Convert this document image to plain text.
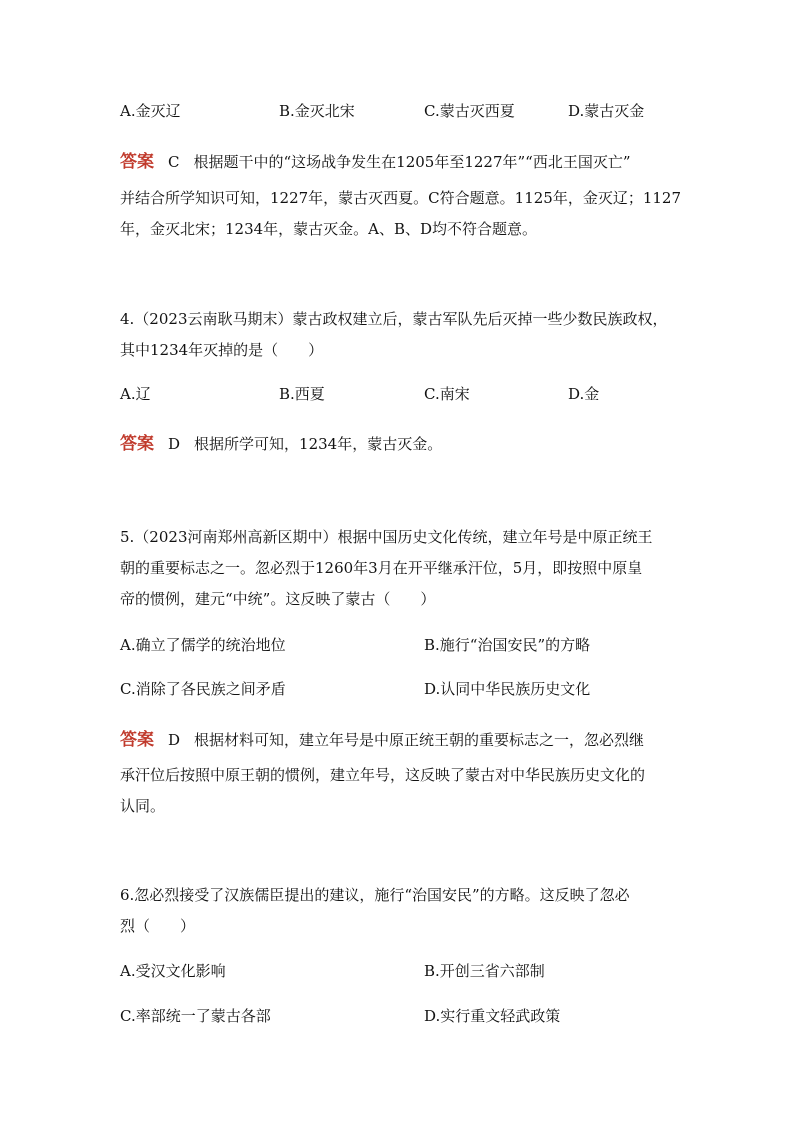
A.金灭辽	B.金灭北宋	C.蒙古灭西夏	D.蒙古灭金
答案 C 根据题干中的“这场战争发生在1205年至1227年”“西北王国灭亡”
并结合所学知识可知，1227年，蒙古灭西夏。C符合题意。1125年，金灭辽；1127
年，金灭北宋；1234年，蒙古灭金。A、B、D均不符合题意。
4.（2023云南耿马期末）蒙古政权建立后，蒙古军队先后灭掉一些少数民族政权，
其中1234年灭掉的是（　　）
A.辽	B.西夏	C.南宋	D.金
答案 D 根据所学可知，1234年，蒙古灭金。
5.（2023河南郑州高新区期中）根据中国历史文化传统，建立年号是中原正统王
朝的重要标志之一。忽必烈于1260年3月在开平继承汗位，5月，即按照中原皇
帝的惯例，建元“中统”。这反映了蒙古（　　）
A.确立了儒学的统治地位	B.施行“治国安民”的方略
C.消除了各民族之间矛盾	D.认同中华民族历史文化
答案 D 根据材料可知，建立年号是中原正统王朝的重要标志之一，忽必烈继
承汗位后按照中原王朝的惯例，建立年号，这反映了蒙古对中华民族历史文化的
认同。
6.忽必烈接受了汉族儒臣提出的建议，施行“治国安民”的方略。这反映了忽必
烈（　　）
A.受汉文化影响	B.开创三省六部制
C.率部统一了蒙古各部	D.实行重文轻武政策
